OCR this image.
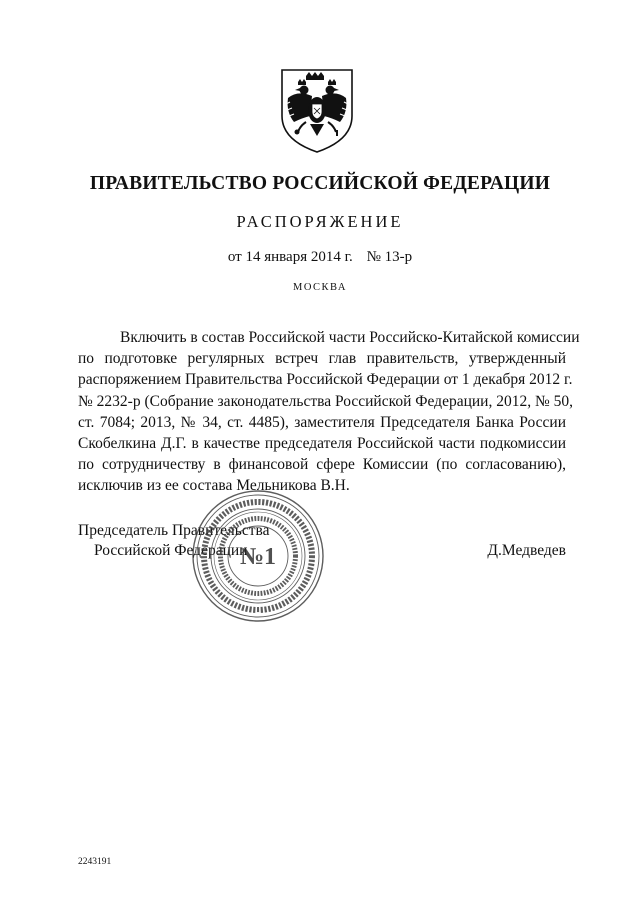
ПРАВИТЕЛЬСТВО РОССИЙСКОЙ ФЕДЕРАЦИИ
РАСПОРЯЖЕНИЕ
от 14 января 2014 г. № 13-р
МОСКВА
Включить в состав Российской части Российско-Китайской комиссии
по подготовке регулярных встреч глав правительств, утвержденный
распоряжением Правительства Российской Федерации от 1 декабря 2012 г.
№ 2232-р (Собрание законодательства Российской Федерации, 2012, № 50,
ст. 7084; 2013, № 34, ст. 4485), заместителя Председателя Банка России
Скобелкина Д.Г. в качестве председателя Российской части подкомиссии
по сотрудничеству в финансовой сфере Комиссии (по согласованию),
исключив из ее состава Мельникова В.Н.
Председатель Правительства
Российской Федерации	Д.Медведев
№1
2243191
